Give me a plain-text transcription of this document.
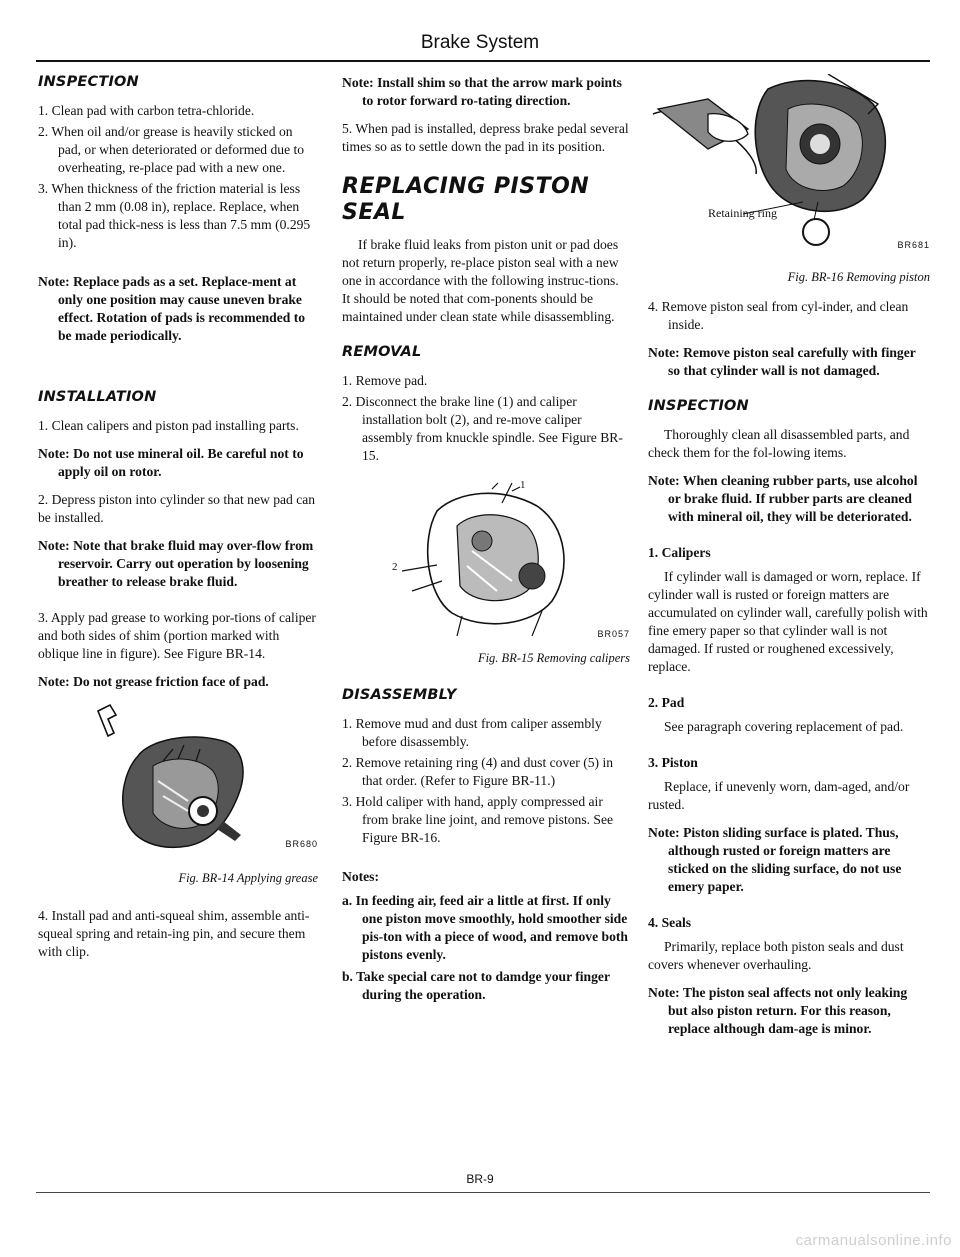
Brake System
INSPECTION

1. Clean pad with carbon tetra-chloride.

2. When oil and/or grease is heavily sticked on pad, or when deteriorated or deformed due to overheating, re-place pad with a new one.

3. When thickness of the friction material is less than 2 mm (0.08 in), replace. Replace, when total pad thick-ness is less than 7.5 mm (0.295 in).

Note: Replace pads as a set. Replace-ment at only one position may cause uneven brake effect. Rotation of pads is recommended to be made periodically.

INSTALLATION

1. Clean calipers and piston pad installing parts.

Note: Do not use mineral oil. Be careful not to apply oil on rotor.

2. Depress piston into cylinder so that new pad can be installed.

Note: Note that brake fluid may over-flow from reservoir. Carry out operation by loosening breather to release brake fluid.

3. Apply pad grease to working por-tions of caliper and both sides of shim (portion marked with oblique line in figure). See Figure BR-14.

Note: Do not grease friction face of pad.

BR680

Fig. BR-14 Applying grease

4. Install pad and anti-squeal shim, assemble anti-squeal spring and retain-ing pin, and secure them with clip.

Note: Install shim so that the arrow mark points to rotor forward ro-tating direction.

5. When pad is installed, depress brake pedal several times so as to settle down the pad in its position.

REPLACING PISTON SEAL

If brake fluid leaks from piston unit or pad does not return properly, re-place piston seal with a new one in accordance with the following instruc-tions. It should be noted that com-ponents should be maintained under clean state while disassembling.

REMOVAL

1. Remove pad.

2. Disconnect the brake line (1) and caliper installation bolt (2), and re-move caliper assembly from knuckle spindle. See Figure BR-15.

1
2
BR057

Fig. BR-15 Removing calipers

DISASSEMBLY

1. Remove mud and dust from caliper assembly before disassembly.

2. Remove retaining ring (4) and dust cover (5) in that order. (Refer to Figure BR-11.)

3. Hold caliper with hand, apply compressed air from brake line joint, and remove pistons. See Figure BR-16.

Notes:

a. In feeding air, feed air a little at first. If only one piston move smoothly, hold smoother side pis-ton with a piece of wood, and remove both pistons evenly.

b. Take special care not to damdge your finger during the operation.

Retaining ring
BR681

Fig. BR-16 Removing piston

4. Remove piston seal from cyl-inder, and clean inside.

Note: Remove piston seal carefully with finger so that cylinder wall is not damaged.

INSPECTION

Thoroughly clean all disassembled parts, and check them for the fol-lowing items.

Note: When cleaning rubber parts, use alcohol or brake fluid. If rubber parts are cleaned with mineral oil, they will be deteriorated.

1. Calipers

If cylinder wall is damaged or worn, replace. If cylinder wall is rusted or foreign matters are accumulated on cylinder wall, carefully polish with fine emery paper so that cylinder wall is not damaged. If rusted or roughened excessively, replace.

2. Pad

See paragraph covering replacement of pad.

3. Piston

Replace, if unevenly worn, dam-aged, and/or rusted.

Note: Piston sliding surface is plated. Thus, although rusted or foreign matters are sticked on the sliding surface, do not use emery paper.

4. Seals

Primarily, replace both piston seals and dust covers whenever overhauling.

Note: The piston seal affects not only leaking but also piston return. For this reason, replace although dam-age is minor.

BR-9
carmanualsonline.info
